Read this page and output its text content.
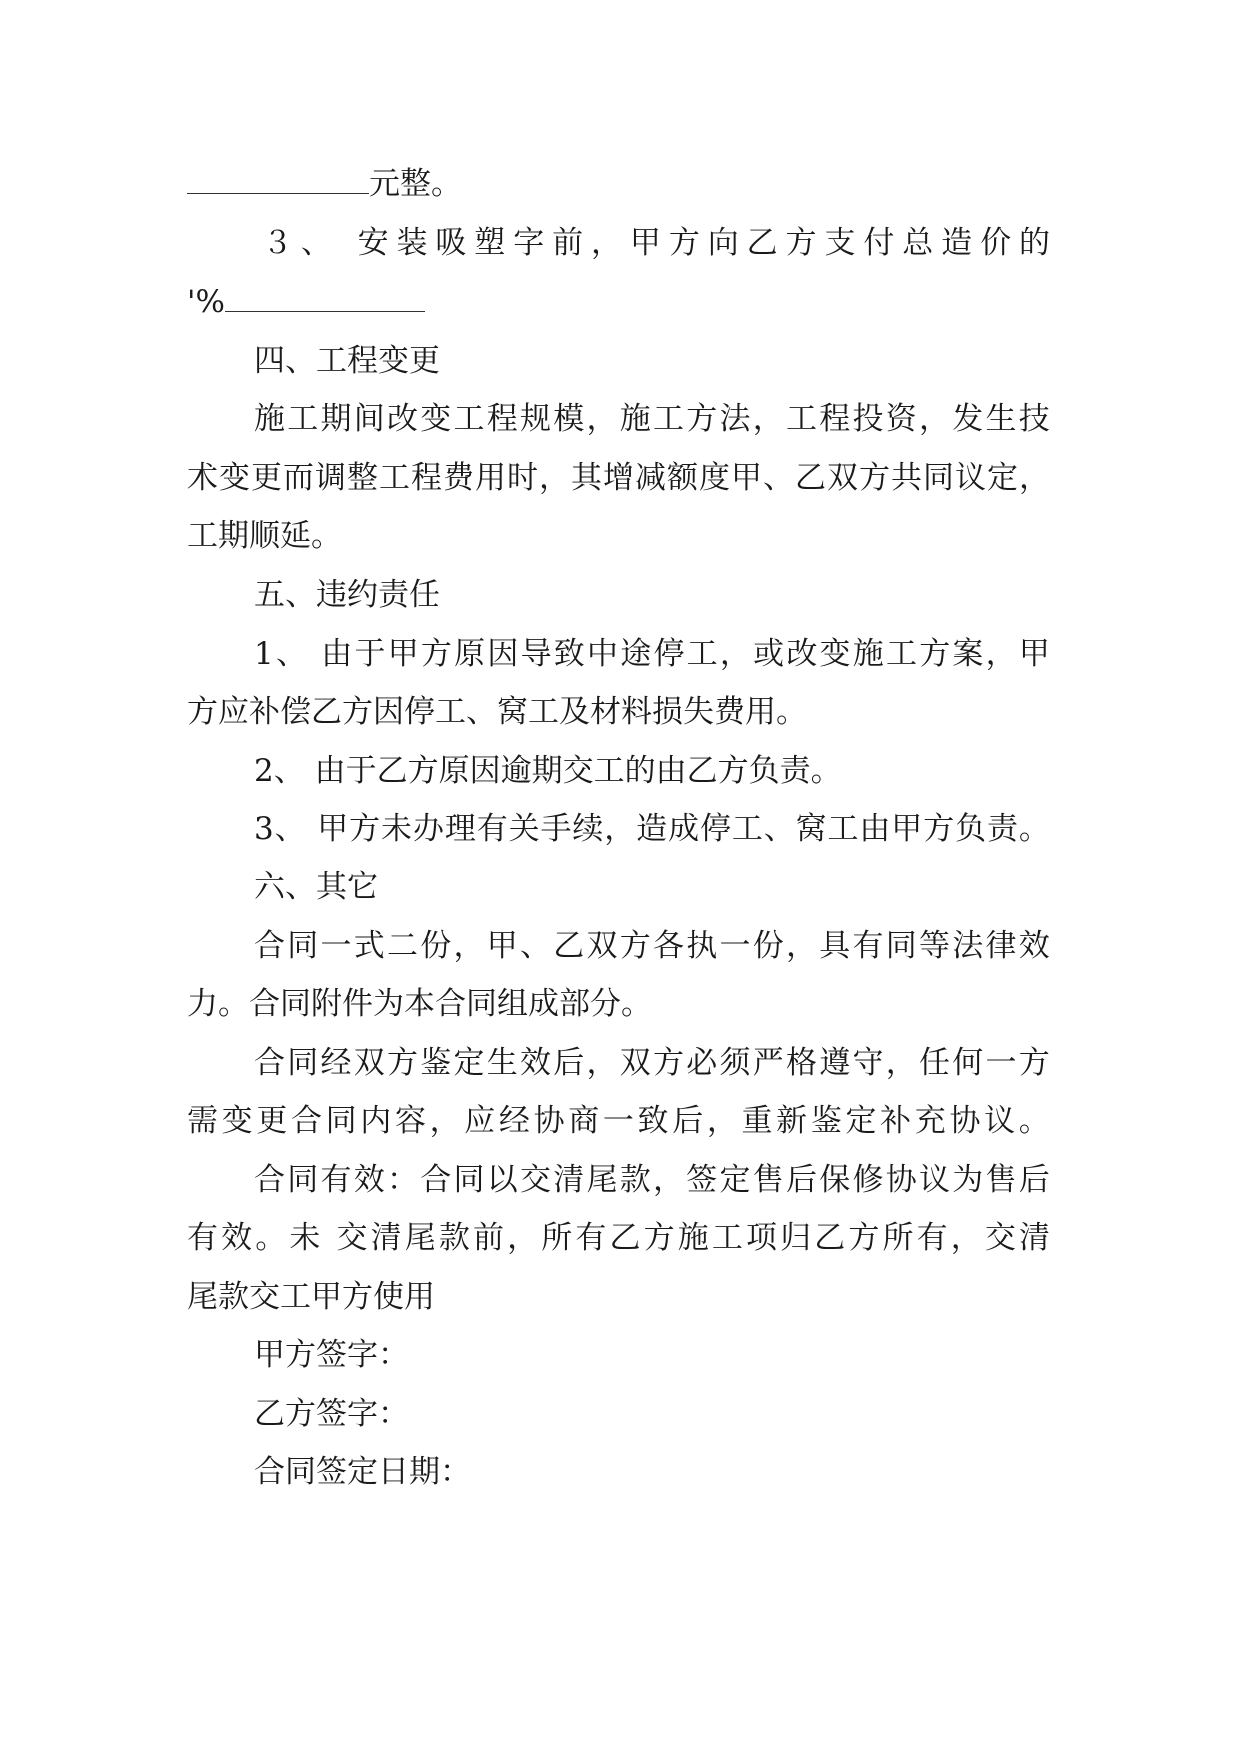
元整。
３ 、
安 装 吸 塑 字 前 ， 甲 方 向 乙 方 支 付 总 造 价 的
'%
四、工程变更
施 工 期 间 改 变 工 程 规 模 ， 施 工 方 法 ， 工 程 投 资 ， 发 生 技
术 变 更 而 调 整 工 程 费 用 时 ， 其 增 减 额 度 甲 、 乙 双 方 共 同 议 定 ，
工期顺延。
五、违约责任
1 、
由 于 甲 方 原 因 导 致 中 途 停 工 ， 或 改 变 施 工 方 案 ， 甲
方应补偿乙方因停工、窝工及材料损失费用。
2、 由于乙方原因逾期交工的由乙方负责。
3 、
甲 方 未 办 理 有 关 手 续 ， 造 成 停 工 、 窝 工 由 甲 方 负 责 。
六、其它
合 同 一 式 二 份 ， 甲 、 乙 双 方 各 执 一 份 ， 具 有 同 等 法 律 效
力。合同附件为本合同组成部分。
合 同 经 双 方 鉴 定 生 效 后 ， 双 方 必 须 严 格 遵 守 ， 任 何 一 方
需 变 更 合 同 内 容 ， 应 经 协 商 一 致 后 ， 重 新 鉴 定 补 充 协 议 。
合 同 有 效 ： 合 同 以 交 清 尾 款 ， 签 定 售 后 保 修 协 议 为 售 后
有 效 。 未
交 清 尾 款 前 ， 所 有 乙 方 施 工 项 归 乙 方 所 有 ， 交 清
尾款交工甲方使用
甲方签字：
乙方签字：
合同签定日期：
